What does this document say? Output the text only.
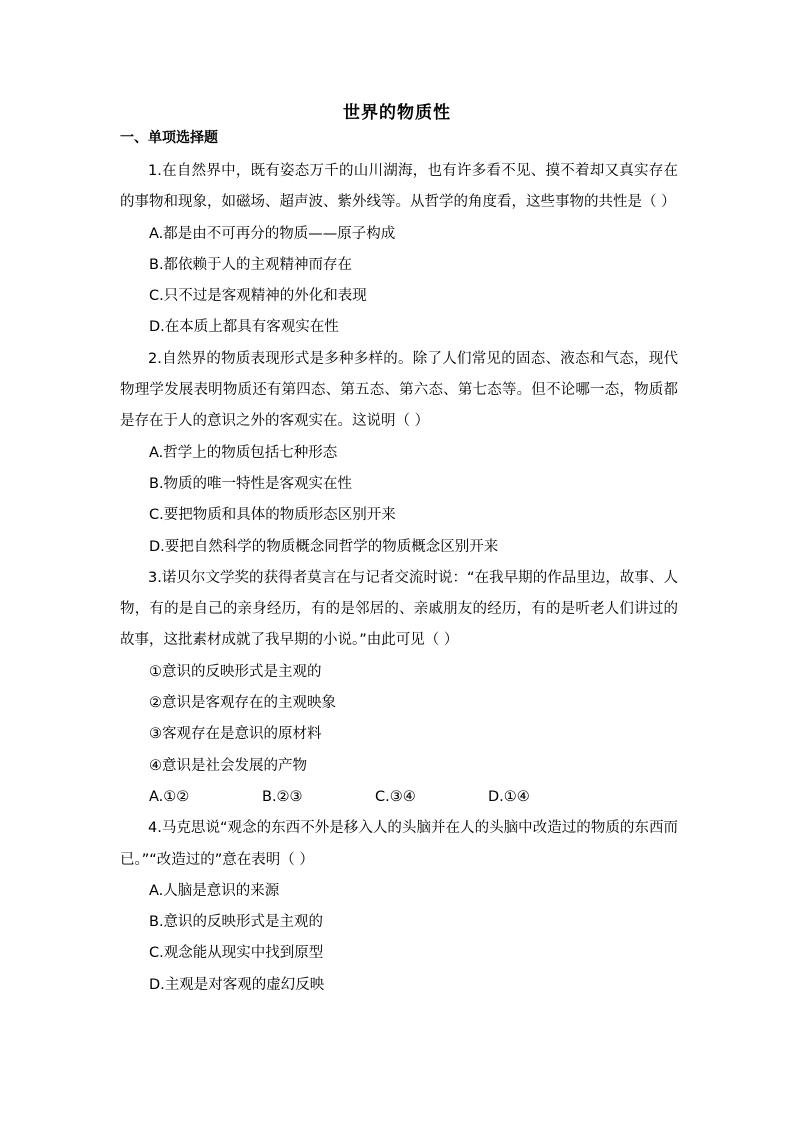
世界的物质性
一、单项选择题

1.在自然界中，既有姿态万千的山川湖海，也有许多看不见、摸不着却又真实存在的事物和现象，如磁场、超声波、紫外线等。从哲学的角度看，这些事物的共性是（ ）

A.都是由不可再分的物质——原子构成

B.都依赖于人的主观精神而存在

C.只不过是客观精神的外化和表现

D.在本质上都具有客观实在性

2.自然界的物质表现形式是多种多样的。除了人们常见的固态、液态和气态，现代物理学发展表明物质还有第四态、第五态、第六态、第七态等。但不论哪一态，物质都是存在于人的意识之外的客观实在。这说明（ ）

A.哲学上的物质包括七种形态

B.物质的唯一特性是客观实在性

C.要把物质和具体的物质形态区别开来

D.要把自然科学的物质概念同哲学的物质概念区别开来

3.诺贝尔文学奖的获得者莫言在与记者交流时说：“在我早期的作品里边，故事、人物，有的是自己的亲身经历，有的是邻居的、亲戚朋友的经历，有的是听老人们讲过的故事，这批素材成就了我早期的小说。”由此可见（ ）

①意识的反映形式是主观的

②意识是客观存在的主观映象

③客观存在是意识的原材料

④意识是社会发展的产物

A.①②	B.②③	C.③④	D.①④

4.马克思说“观念的东西不外是移入人的头脑并在人的头脑中改造过的物质的东西而已。”“改造过的”意在表明（ ）

A.人脑是意识的来源

B.意识的反映形式是主观的

C.观念能从现实中找到原型

D.主观是对客观的虚幻反映
